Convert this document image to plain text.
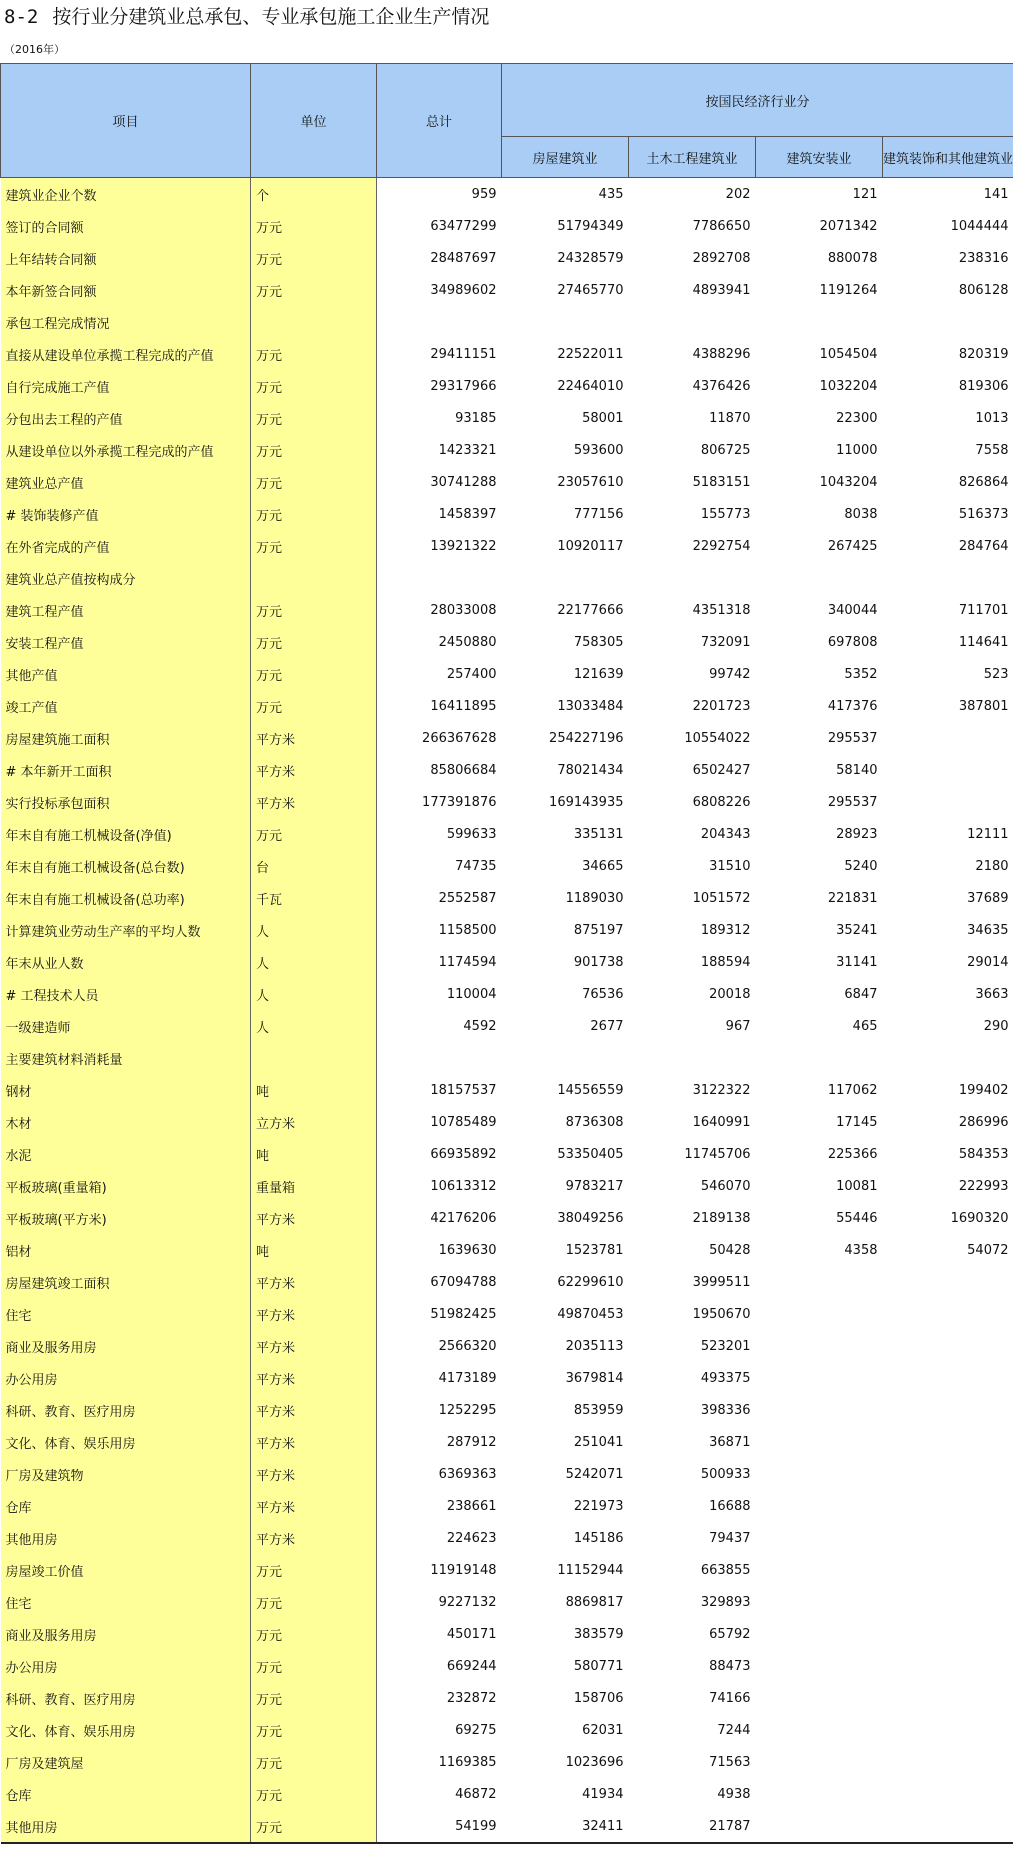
8-2 按行业分建筑业总承包、专业承包施工企业生产情况
（2016年）
项目	单位	总计	按国民经济行业分			
			房屋建筑业	土木工程建筑业	建筑安装业	建筑装饰和其他建筑业
建筑业企业个数	个	959	435	202	121	141
签订的合同额	万元	63477299	51794349	7786650	2071342	1044444
上年结转合同额	万元	28487697	24328579	2892708	880078	238316
本年新签合同额	万元	34989602	27465770	4893941	1191264	806128
承包工程完成情况						
直接从建设单位承揽工程完成的产值	万元	29411151	22522011	4388296	1054504	820319
自行完成施工产值	万元	29317966	22464010	4376426	1032204	819306
分包出去工程的产值	万元	93185	58001	11870	22300	1013
从建设单位以外承揽工程完成的产值	万元	1423321	593600	806725	11000	7558
建筑业总产值	万元	30741288	23057610	5183151	1043204	826864
# 装饰装修产值	万元	1458397	777156	155773	8038	516373
在外省完成的产值	万元	13921322	10920117	2292754	267425	284764
建筑业总产值按构成分						
建筑工程产值	万元	28033008	22177666	4351318	340044	711701
安装工程产值	万元	2450880	758305	732091	697808	114641
其他产值	万元	257400	121639	99742	5352	523
竣工产值	万元	16411895	13033484	2201723	417376	387801
房屋建筑施工面积	平方米	266367628	254227196	10554022	295537	
# 本年新开工面积	平方米	85806684	78021434	6502427	58140	
实行投标承包面积	平方米	177391876	169143935	6808226	295537	
年末自有施工机械设备(净值)	万元	599633	335131	204343	28923	12111
年末自有施工机械设备(总台数)	台	74735	34665	31510	5240	2180
年末自有施工机械设备(总功率)	千瓦	2552587	1189030	1051572	221831	37689
计算建筑业劳动生产率的平均人数	人	1158500	875197	189312	35241	34635
年末从业人数	人	1174594	901738	188594	31141	29014
# 工程技术人员	人	110004	76536	20018	6847	3663
一级建造师	人	4592	2677	967	465	290
主要建筑材料消耗量						
钢材	吨	18157537	14556559	3122322	117062	199402
木材	立方米	10785489	8736308	1640991	17145	286996
水泥	吨	66935892	53350405	11745706	225366	584353
平板玻璃(重量箱)	重量箱	10613312	9783217	546070	10081	222993
平板玻璃(平方米)	平方米	42176206	38049256	2189138	55446	1690320
铝材	吨	1639630	1523781	50428	4358	54072
房屋建筑竣工面积	平方米	67094788	62299610	3999511		
住宅	平方米	51982425	49870453	1950670		
商业及服务用房	平方米	2566320	2035113	523201		
办公用房	平方米	4173189	3679814	493375		
科研、教育、医疗用房	平方米	1252295	853959	398336		
文化、体育、娱乐用房	平方米	287912	251041	36871		
厂房及建筑物	平方米	6369363	5242071	500933		
仓库	平方米	238661	221973	16688		
其他用房	平方米	224623	145186	79437		
房屋竣工价值	万元	11919148	11152944	663855		
住宅	万元	9227132	8869817	329893		
商业及服务用房	万元	450171	383579	65792		
办公用房	万元	669244	580771	88473		
科研、教育、医疗用房	万元	232872	158706	74166		
文化、体育、娱乐用房	万元	69275	62031	7244		
厂房及建筑屋	万元	1169385	1023696	71563		
仓库	万元	46872	41934	4938		
其他用房	万元	54199	32411	21787		
